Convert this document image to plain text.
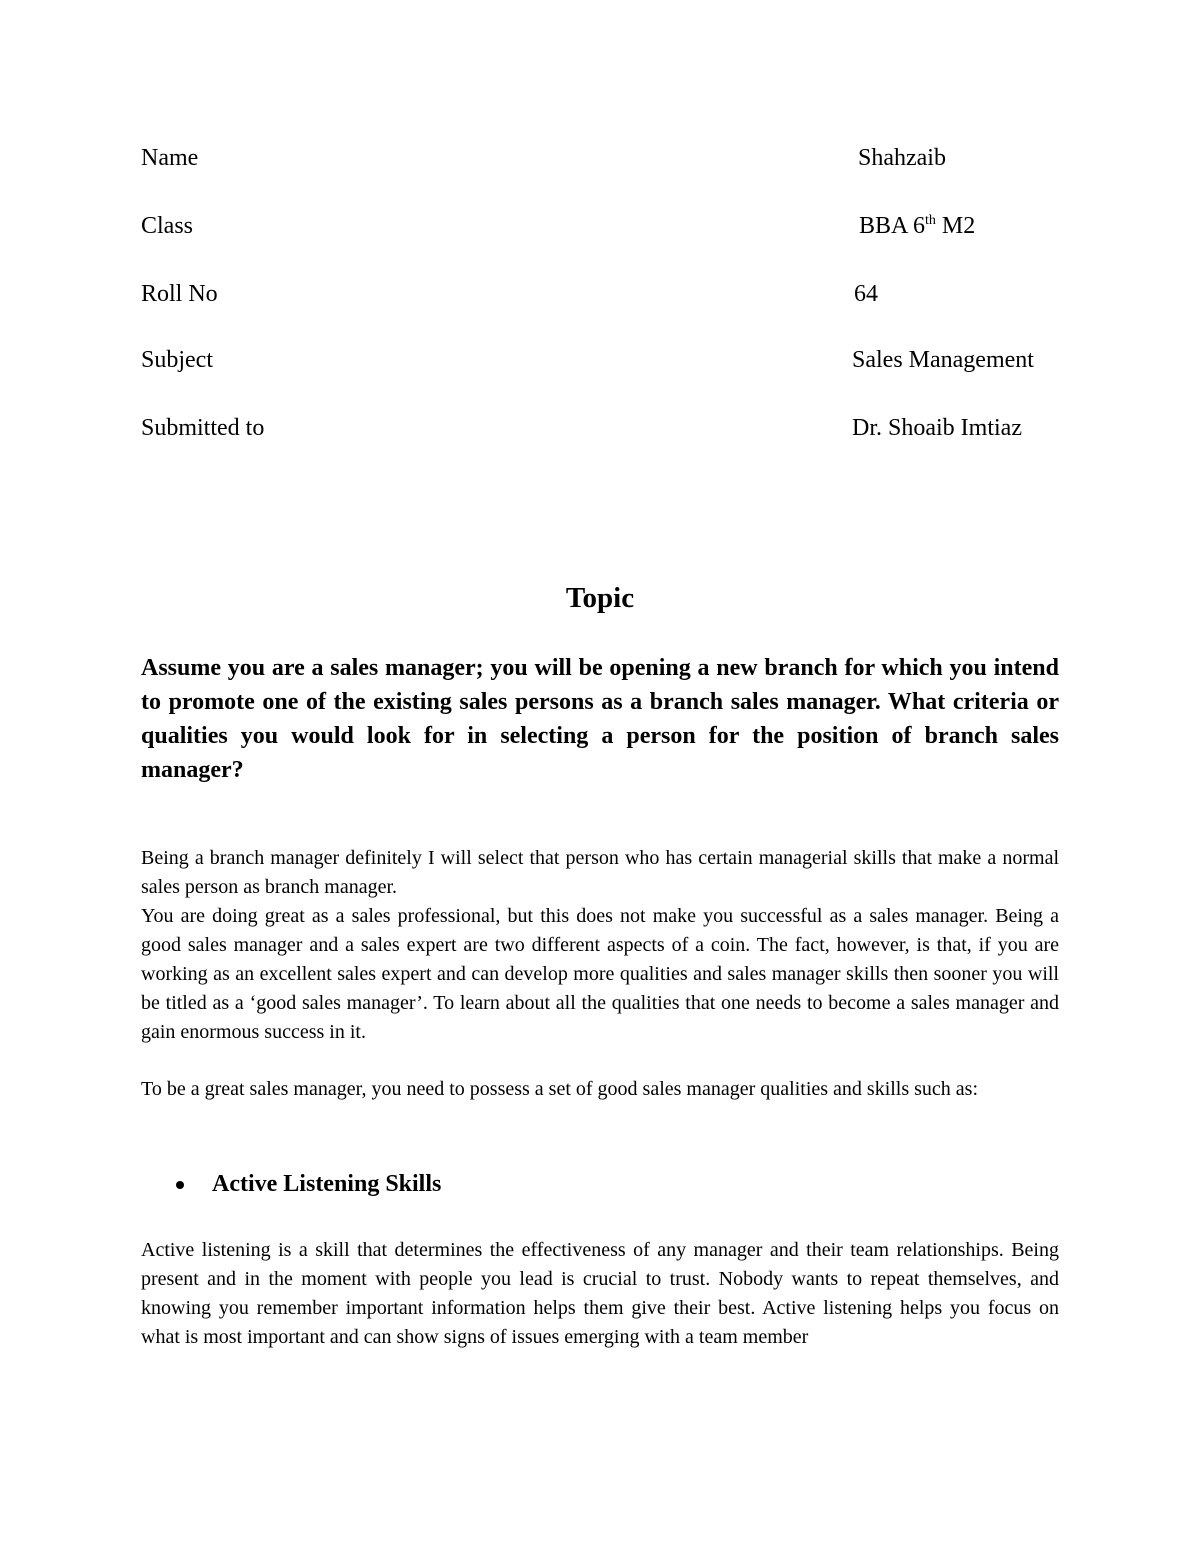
Name	Shahzaib
Class	BBA 6th M2
Roll No	64
Subject	Sales Management
Submitted to	Dr. Shoaib Imtiaz
Topic
Assume you are a sales manager; you will be opening a new branch for which you intend to promote one of the existing sales persons as a branch sales manager. What criteria or qualities you would look for in selecting a person for the position of branch sales manager?

Being a branch manager definitely I will select that person who has certain managerial skills that make a normal sales person as branch manager.

You are doing great as a sales professional, but this does not make you successful as a sales manager. Being a good sales manager and a sales expert are two different aspects of a coin. The fact, however, is that, if you are working as an excellent sales expert and can develop more qualities and sales manager skills then sooner you will be titled as a ‘good sales manager’. To learn about all the qualities that one needs to become a sales manager and gain enormous success in it.

To be a great sales manager, you need to possess a set of good sales manager qualities and skills such as:

Active Listening Skills

Active listening is a skill that determines the effectiveness of any manager and their team relationships. Being present and in the moment with people you lead is crucial to trust. Nobody wants to repeat themselves, and knowing you remember important information helps them give their best. Active listening helps you focus on what is most important and can show signs of issues emerging with a team member
